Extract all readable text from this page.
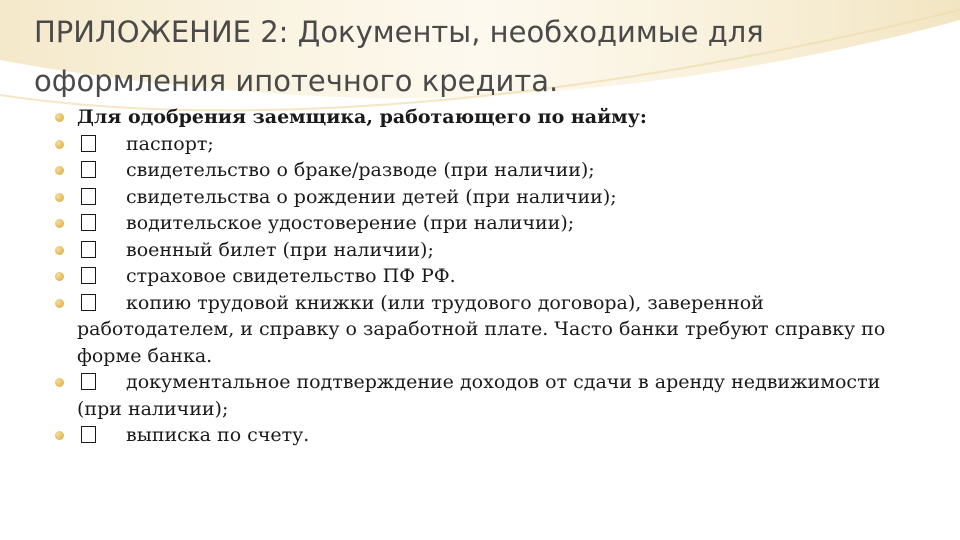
ПРИЛОЖЕНИЕ 2: Документы, необходимые для оформления ипотечного кредита.
Для одобрения заемщика, работающего по найму:
паспорт;
свидетельство о браке/разводе (при наличии);
свидетельства о рождении детей (при наличии);
водительское удостоверение (при наличии);
военный билет (при наличии);
страховое свидетельство ПФ РФ.
копию трудовой книжки (или трудового договора), заверенной работодателем, и справку о заработной плате. Часто банки требуют справку по форме банка.
документальное подтверждение доходов от сдачи в аренду недвижимости (при наличии);
выписка по счету.
